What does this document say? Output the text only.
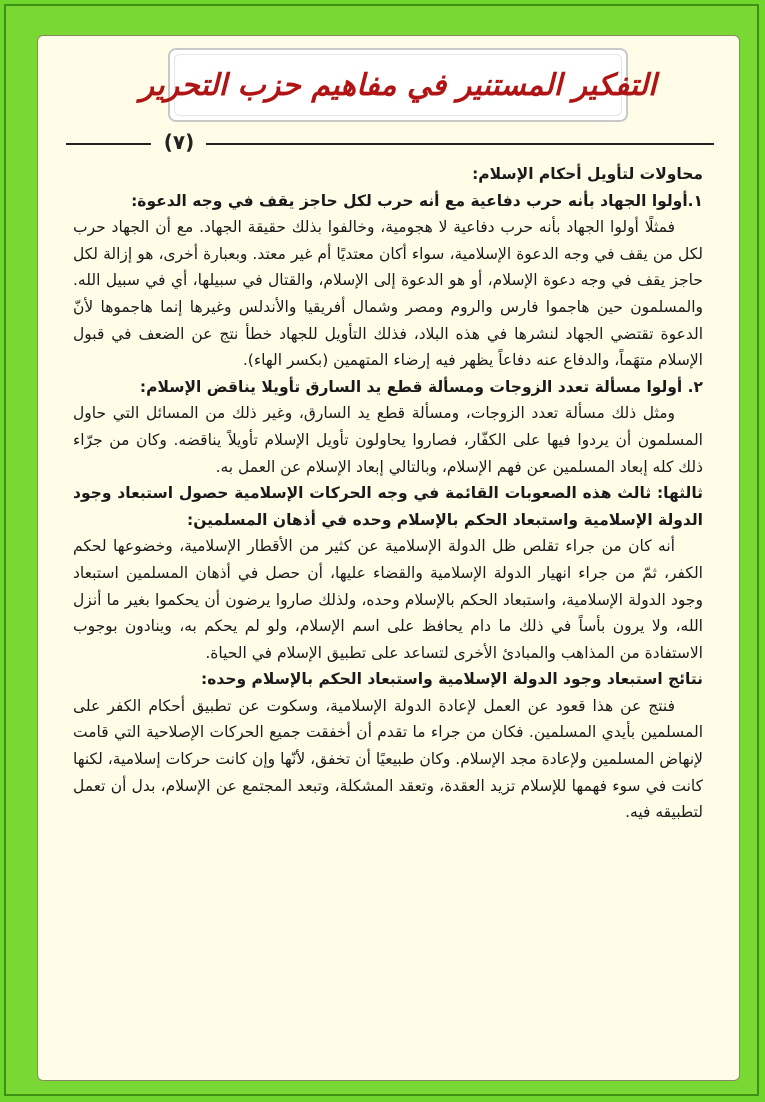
التفكير المستنير في مفاهيم حزب التحرير
(٧)

محاولات لتأويل أحكام الإسلام:

١.أولوا الجهاد بأنه حرب دفاعية مع أنه حرب لكل حاجز يقف في وجه الدعوة:

فمثلًا أولوا الجهاد بأنه حرب دفاعية لا هجومية، وخالفوا بذلك حقيقة الجهاد. مع أن الجهاد حرب لكل من يقف في وجه الدعوة الإسلامية، سواء أكان معتديًا أم غير معتد. وبعبارة أخرى، هو إزالة لكل حاجز يقف في وجه دعوة الإسلام، أو هو الدعوة إلى الإسلام، والقتال في سبيلها، أي في سبيل الله. والمسلمون حين هاجموا فارس والروم ومصر وشمال أفريقيا والأندلس وغيرها إنما هاجموها لأنّ الدعوة تقتضي الجهاد لنشرها في هذه البلاد، فذلك التأويل للجهاد خطأ نتج عن الضعف في قبول الإسلام متهَماً، والدفاع عنه دفاعاً يظهر فيه إرضاء المتهمين (بكسر الهاء).

٢. أولوا مسألة تعدد الزوجات ومسألة قطع يد السارق تأويلا يناقض الإسلام:

ومثل ذلك مسألة تعدد الزوجات، ومسألة قطع يد السارق، وغير ذلك من المسائل التي حاول المسلمون أن يردوا فيها على الكفّار، فصاروا يحاولون تأويل الإسلام تأويلاً يناقضه. وكان من جرّاء ذلك كله إبعاد المسلمين عن فهم الإسلام، وبالتالي إبعاد الإسلام عن العمل به.

ثالثها: ثالث هذه الصعوبات القائمة في وجه الحركات الإسلامية حصول استبعاد وجود الدولة الإسلامية واستبعاد الحكم بالإسلام وحده في أذهان المسلمين:

أنه كان من جراء تقلص ظل الدولة الإسلامية عن كثير من الأقطار الإسلامية، وخضوعها لحكم الكفر، ثمّ من جراء انهيار الدولة الإسلامية والقضاء عليها، أن حصل في أذهان المسلمين استبعاد وجود الدولة الإسلامية، واستبعاد الحكم بالإسلام وحده، ولذلك صاروا يرضون أن يحكموا بغير ما أنزل الله، ولا يرون بأساً في ذلك ما دام يحافظ على اسم الإسلام، ولو لم يحكم به، وينادون بوجوب الاستفادة من المذاهب والمبادئ الأخرى لتساعد على تطبيق الإسلام في الحياة.

نتائج استبعاد وجود الدولة الإسلامية واستبعاد الحكم بالإسلام وحده:

فنتج عن هذا قعود عن العمل لإعادة الدولة الإسلامية، وسكوت عن تطبيق أحكام الكفر على المسلمين بأيدي المسلمين. فكان من جراء ما تقدم أن أخفقت جميع الحركات الإصلاحية التي قامت لإنهاض المسلمين ولإعادة مجد الإسلام. وكان طبيعيًا أن تخفق، لأنّها وإن كانت حركات إسلامية، لكنها كانت في سوء فهمها للإسلام تزيد العقدة، وتعقد المشكلة، وتبعد المجتمع عن الإسلام، بدل أن تعمل لتطبيقه فيه.
